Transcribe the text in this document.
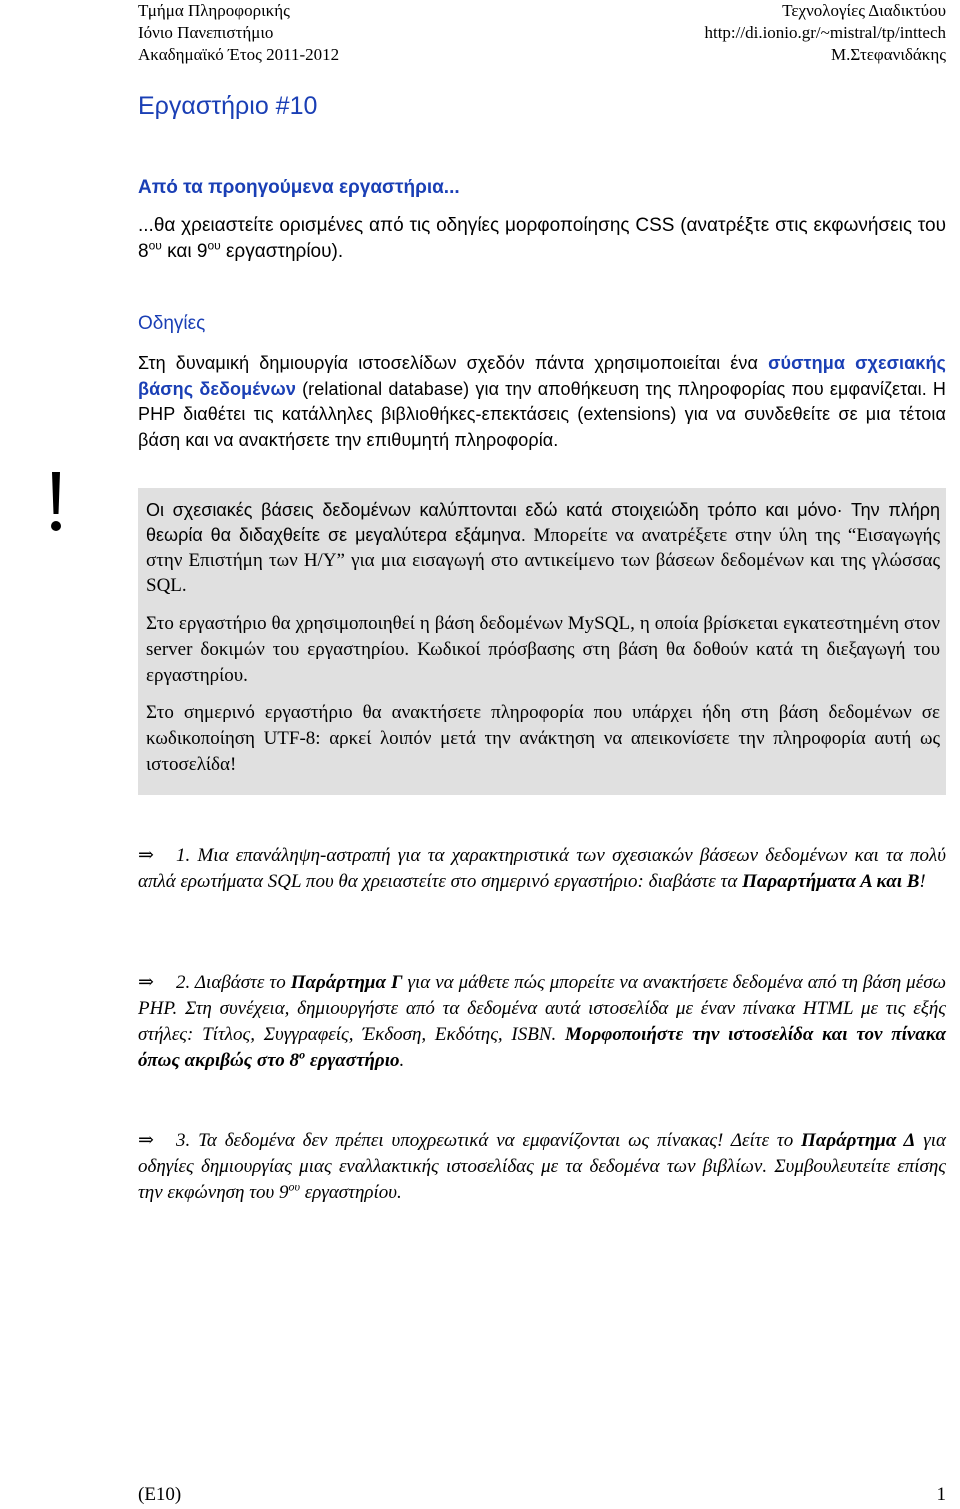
Τμήμα Πληροφορικής
Ιόνιο Πανεπιστήμιο
Ακαδημαϊκό Έτος 2011-2012
Τεχνολογίες Διαδικτύου
http://di.ionio.gr/~mistral/tp/inttech
Μ.Στεφανιδάκης
Εργαστήριο #10
Από τα προηγούμενα εργαστήρια...
...θα χρειαστείτε ορισμένες από τις οδηγίες μορφοποίησης CSS (ανατρέξτε στις εκφωνήσεις του $8^{o\upsilon}$ και $9^{o\upsilon}$ εργαστηρίου).
Οδηγίες
Στη δυναμική δημιουργία ιστοσελίδων σχεδόν πάντα χρησιμοποιείται ένα σύστημα σχεσιακής βάσης δεδομένων (relational database) για την αποθήκευση της πληροφορίας που εμφανίζεται. Η PHP διαθέτει τις κατάλληλες βιβλιοθήκες-επεκτάσεις (extensions) για να συνδεθείτε σε μια τέτοια βάση και να ανακτήσετε την επιθυμητή πληροφορία.
Οι σχεσιακές βάσεις δεδομένων καλύπτονται εδώ κατά στοιχειώδη τρόπο και μόνο· Την πλήρη θεωρία θα διδαχθείτε σε μεγαλύτερα εξάμηνα. Μπορείτε να ανατρέξετε στην ύλη της “Εισαγωγής στην Επιστήμη των Η/Υ” για μια εισαγωγή στο αντικείμενο των βάσεων δεδομένων και της γλώσσας SQL.
Στο εργαστήριο θα χρησιμοποιηθεί η βάση δεδομένων MySQL, η οποία βρίσκεται εγκατεστημένη στον server δοκιμών του εργαστηρίου. Κωδικοί πρόσβασης στη βάση θα δοθούν κατά τη διεξαγωγή του εργαστηρίου.
Στο σημερινό εργαστήριο θα ανακτήσετε πληροφορία που υπάρχει ήδη στη βάση δεδομένων σε κωδικοποίηση UTF-8: αρκεί λοιπόν μετά την ανάκτηση να απεικονίσετε την πληροφορία αυτή ως ιστοσελίδα!
⇒ 1. Μια επανάληψη-αστραπή για τα χαρακτηριστικά των σχεσιακών βάσεων δεδομένων και τα πολύ απλά ερωτήματα SQL που θα χρειαστείτε στο σημερινό εργαστήριο: διαβάστε τα Παραρτήματα Α και Β!
⇒ 2. Διαβάστε το Παράρτημα Γ για να μάθετε πώς μπορείτε να ανακτήσετε δεδομένα από τη βάση μέσω PHP. Στη συνέχεια, δημιουργήστε από τα δεδομένα αυτά ιστοσελίδα με έναν πίνακα HTML με τις εξής στήλες: Τίτλος, Συγγραφείς, Έκδοση, Εκδότης, ISBN. Μορφοποιήστε την ιστοσελίδα και τον πίνακα όπως ακριβώς στο $8^o$ εργαστήριο.
⇒ 3. Τα δεδομένα δεν πρέπει υποχρεωτικά να εμφανίζονται ως πίνακας! Δείτε το Παράρτημα Δ για οδηγίες δημιουργίας μιας εναλλακτικής ιστοσελίδας με τα δεδομένα των βιβλίων. Συμβουλευτείτε επίσης την εκφώνηση του $9^{o\upsilon}$ εργαστηρίου.
(E10)	1
